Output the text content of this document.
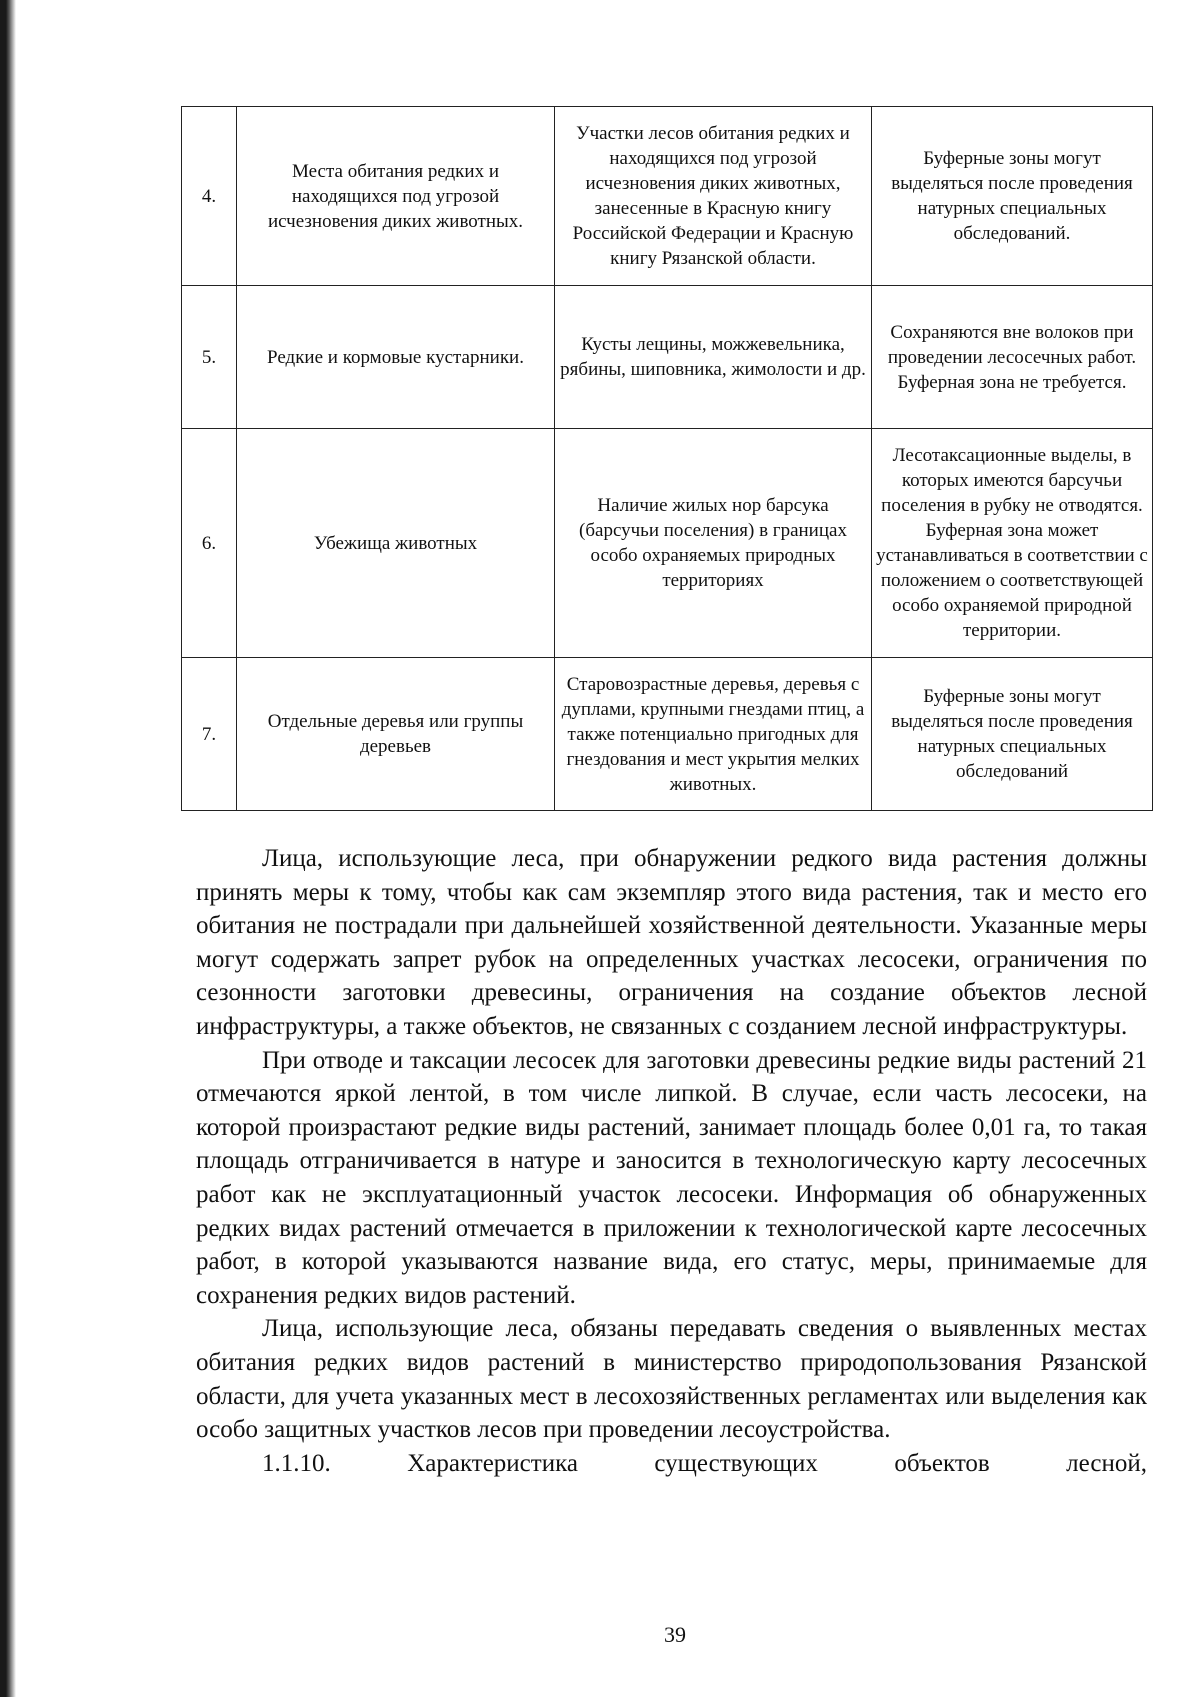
4.	Места обитания редких и находящихся под угрозой исчезновения диких животных.	Участки лесов обитания редких и находящихся под угрозой исчезновения диких животных, занесенные в Красную книгу Российской Федерации и Красную книгу Рязанской области.	Буферные зоны могут выделяться после проведения натурных специальных обследований.
5.	Редкие и кормовые кустарники.	Кусты лещины, можжевельника, рябины, шиповника, жимолости и др.	Сохраняются вне волоков при проведении лесосечных работ. Буферная зона не требуется.
6.	Убежища животных	Наличие жилых нор барсука (барсучьи поселения) в границах особо охраняемых природных территориях	Лесотаксационные выделы, в которых имеются барсучьи поселения в рубку не отводятся. Буферная зона может устанавливаться в соответствии с положением о соответствующей особо охраняемой природной территории.
7.	Отдельные деревья или группы деревьев	Старовозрастные деревья, деревья с дуплами, крупными гнездами птиц, а также потенциально пригодных для гнездования и мест укрытия мелких животных.	Буферные зоны могут выделяться после проведения натурных специальных обследований

Лица, использующие леса, при обнаружении редкого вида растения должны принять меры к тому, чтобы как сам экземпляр этого вида растения, так и место его обитания не пострадали при дальнейшей хозяйственной деятельности. Указанные меры могут содержать запрет рубок на определенных участках лесосеки, ограничения по сезонности заготовки древесины, ограничения на создание объектов лесной инфраструктуры, а также объектов, не связанных с созданием лесной инфраструктуры.

При отводе и таксации лесосек для заготовки древесины редкие виды растений 21 отмечаются яркой лентой, в том числе липкой. В случае, если часть лесосеки, на которой произрастают редкие виды растений, занимает площадь более 0,01 га, то такая площадь отграничивается в натуре и заносится в технологическую карту лесосечных работ как не эксплуатационный участок лесосеки. Информация об обнаруженных редких видах растений отмечается в приложении к технологической карте лесосечных работ, в которой указываются название вида, его статус, меры, принимаемые для сохранения редких видов растений.

Лица, использующие леса, обязаны передавать сведения о выявленных местах обитания редких видов растений в министерство природопользования Рязанской области, для учета указанных мест в лесохозяйственных регламентах или выделения как особо защитных участков лесов при проведении лесоустройства.

1.1.10. Характеристика существующих объектов лесной,

39
